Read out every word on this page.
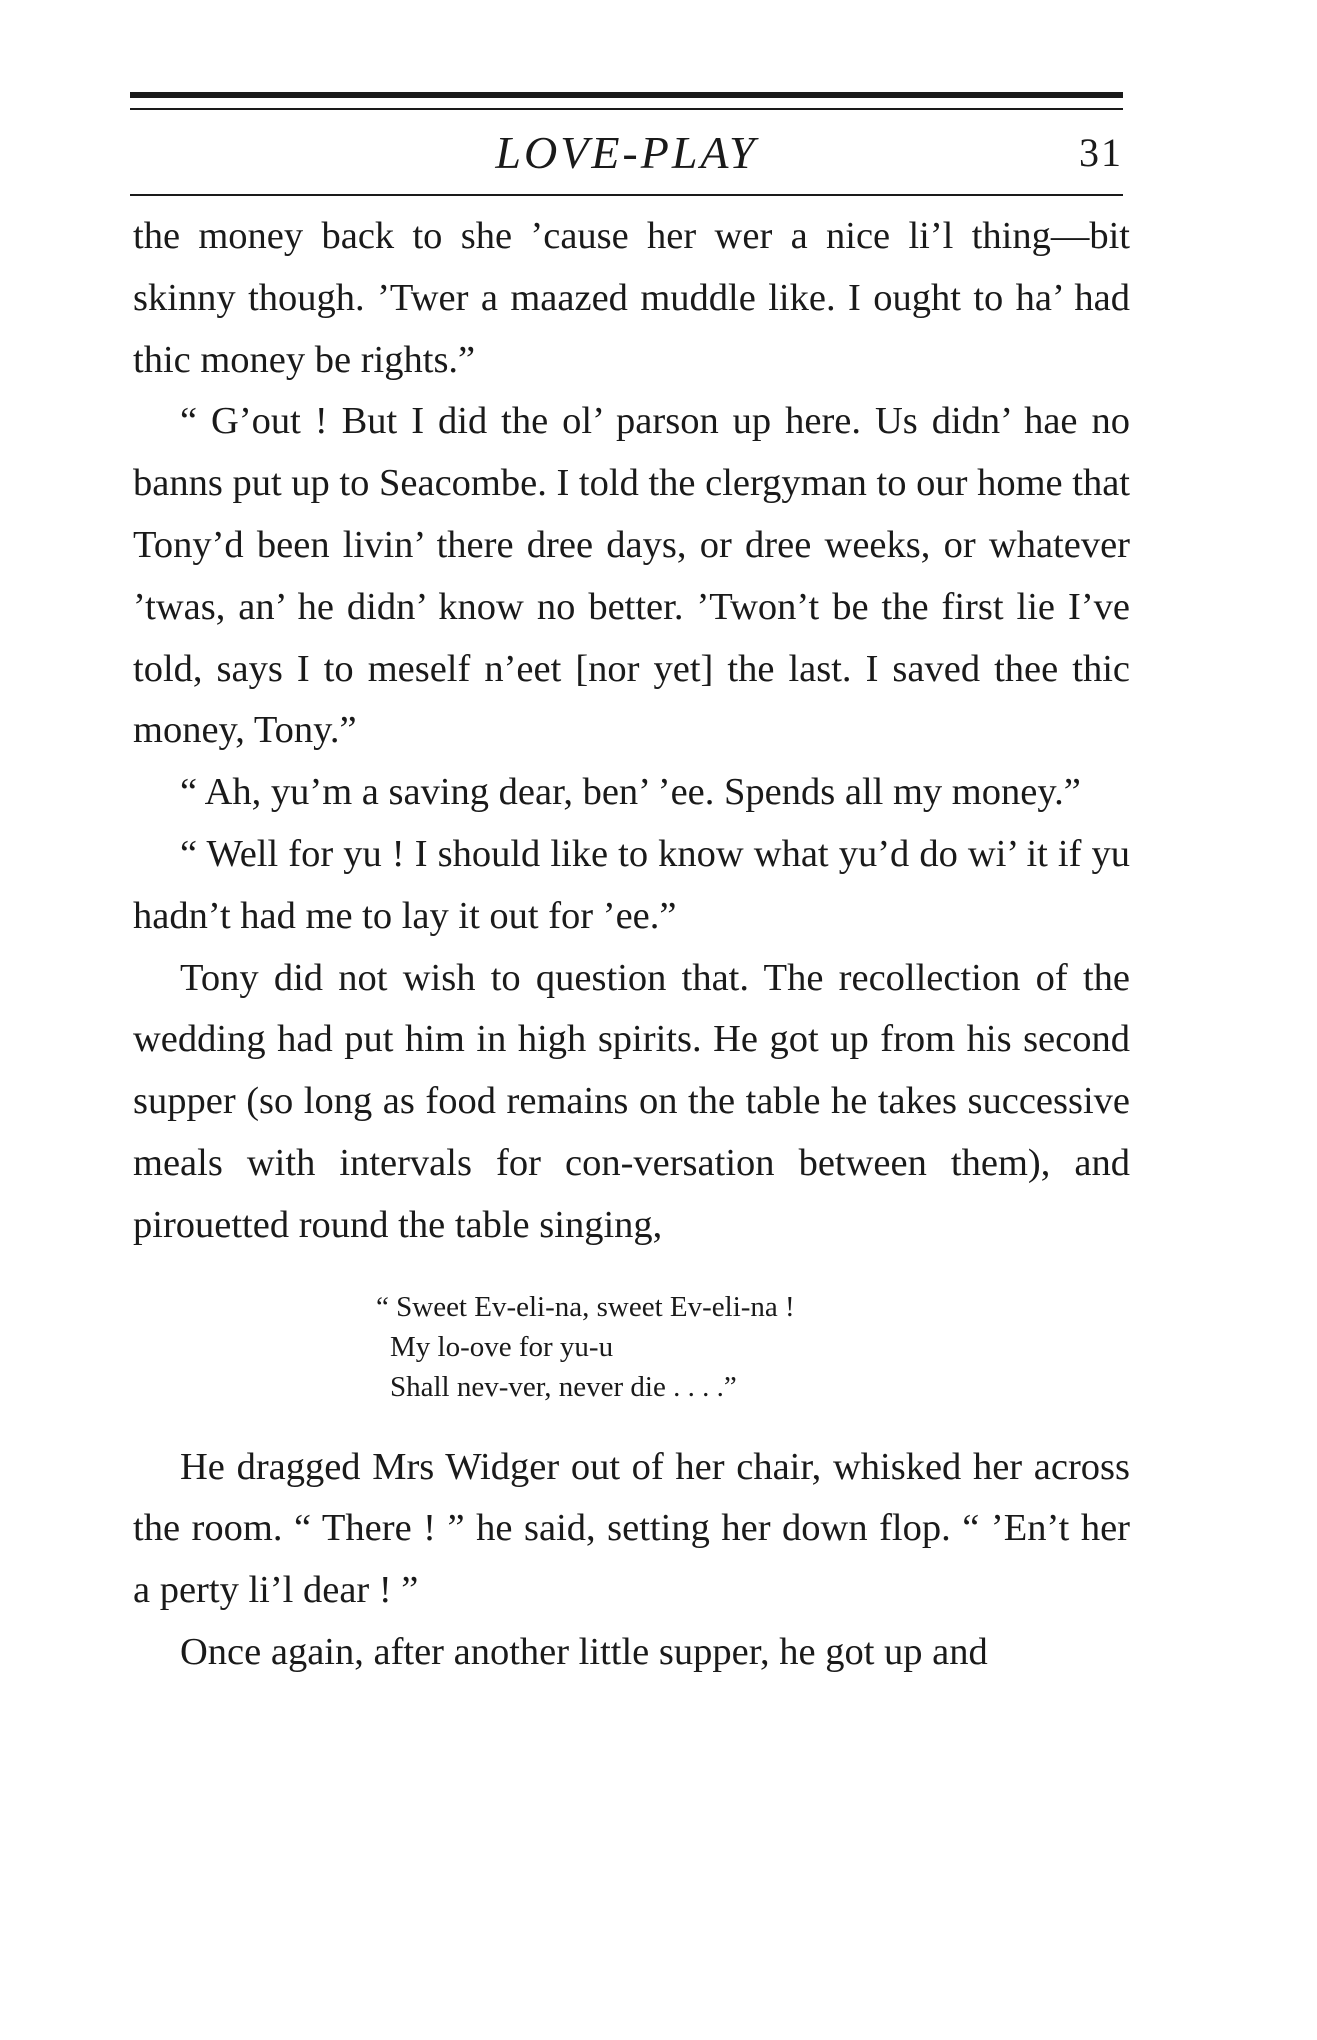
LOVE-PLAY	31

the money back to she ’cause her wer a nice li’l thing—bit skinny though. ’Twer a maazed muddle like. I ought to ha’ had thic money be rights.”

“ G’out ! But I did the ol’ parson up here. Us didn’ hae no banns put up to Seacombe. I told the clergyman to our home that Tony’d been livin’ there dree days, or dree weeks, or whatever ’twas, an’ he didn’ know no better. ’Twon’t be the first lie I’ve told, says I to meself n’eet [nor yet] the last. I saved thee thic money, Tony.”

“ Ah, yu’m a saving dear, ben’ ’ee. Spends all my money.”

“ Well for yu ! I should like to know what yu’d do wi’ it if yu hadn’t had me to lay it out for ’ee.”

Tony did not wish to question that. The recollection of the wedding had put him in high spirits. He got up from his second supper (so long as food remains on the table he takes successive meals with intervals for con-versation between them), and pirouetted round the table singing,

“ Sweet Ev-eli-na, sweet Ev-eli-na !
My lo-ove for yu-u
Shall nev-ver, never die . . . .”

He dragged Mrs Widger out of her chair, whisked her across the room. “ There ! ” he said, setting her down flop. “ ’En’t her a perty li’l dear ! ”

Once again, after another little supper, he got up and
